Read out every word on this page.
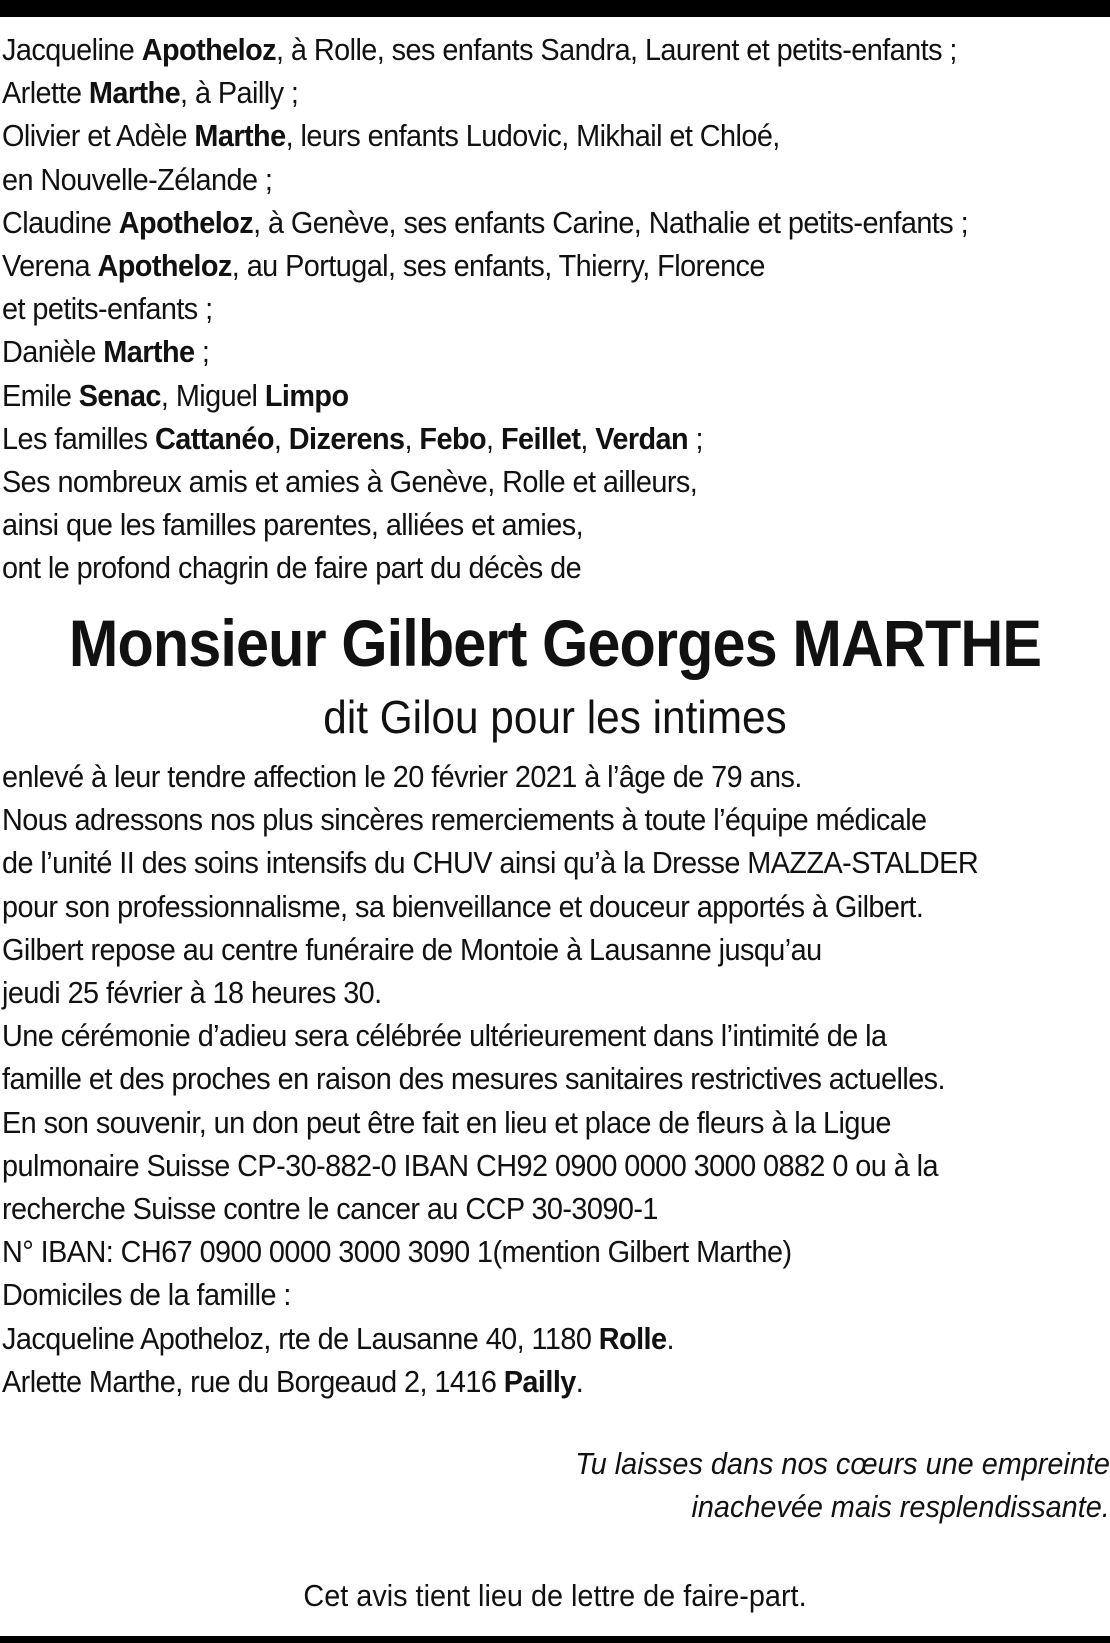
Jacqueline Apotheloz, à Rolle, ses enfants Sandra, Laurent et petits-enfants ;
Arlette Marthe, à Pailly ;
Olivier et Adèle Marthe, leurs enfants Ludovic, Mikhail et Chloé,
en Nouvelle-Zélande ;
Claudine Apotheloz, à Genève, ses enfants Carine, Nathalie et petits-enfants ;
Verena Apotheloz, au Portugal, ses enfants, Thierry, Florence
et petits-enfants ;
Danièle Marthe ;
Emile Senac, Miguel Limpo
Les familles Cattanéo, Dizerens, Febo, Feillet, Verdan ;
Ses nombreux amis et amies à Genève, Rolle et ailleurs,
ainsi que les familles parentes, alliées et amies,
ont le profond chagrin de faire part du décès de
Monsieur Gilbert Georges MARTHE
dit Gilou pour les intimes
enlevé à leur tendre affection le 20 février 2021 à l’âge de 79 ans.
Nous adressons nos plus sincères remerciements à toute l’équipe médicale
de l’unité II des soins intensifs du CHUV ainsi qu’à la Dresse MAZZA-STALDER
pour son professionnalisme, sa bienveillance et douceur apportés à Gilbert.
Gilbert repose au centre funéraire de Montoie à Lausanne jusqu’au
jeudi 25 février à 18 heures 30.
Une cérémonie d’adieu sera célébrée ultérieurement dans l’intimité de la
famille et des proches en raison des mesures sanitaires restrictives actuelles.
En son souvenir, un don peut être fait en lieu et place de fleurs à la Ligue
pulmonaire Suisse CP-30-882-0 IBAN CH92 0900 0000 3000 0882 0 ou à la
recherche Suisse contre le cancer au CCP 30-3090-1
N° IBAN: CH67 0900 0000 3000 3090 1(mention Gilbert Marthe)
Domiciles de la famille :
Jacqueline Apotheloz, rte de Lausanne 40, 1180 Rolle.
Arlette Marthe, rue du Borgeaud 2, 1416 Pailly.
Tu laisses dans nos cœurs une empreinte
inachevée mais resplendissante.
Cet avis tient lieu de lettre de faire-part.
